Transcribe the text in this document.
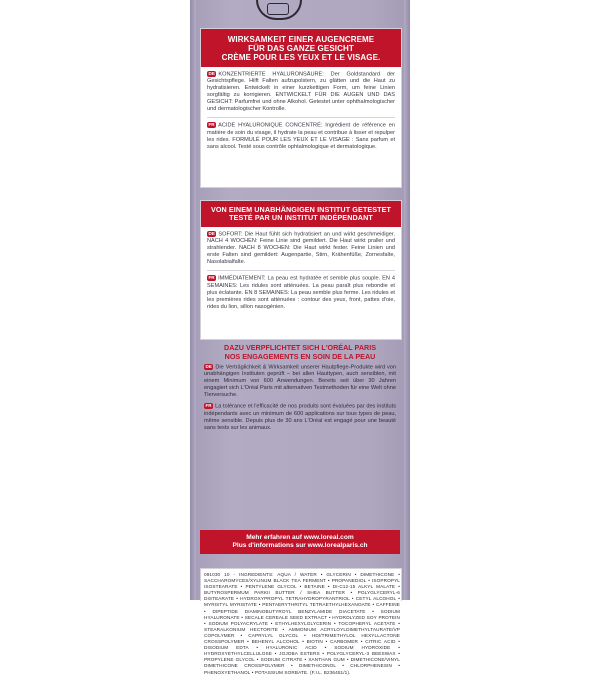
WIRKSAMKEIT EINER AUGENCREME
FÜR DAS GANZE GESICHT
CRÈME POUR LES YEUX ET LE VISAGE.
DE KONZENTRIERTE HYALURONSÄURE: Der Goldstandard der Gesichtspflege. Hilft Falten aufzupolstern, zu glätten und die Haut zu hydratisieren. Entwickelt in einer kurzkettigen Form, um feine Linien sorgfältig zu korrigieren. ENTWICKELT FÜR DIE AUGEN UND DAS GESICHT: Parfumfrei und ohne Alkohol. Getestet unter ophthalmologischer und dermatologischer Kontrolle.
FR ACIDE HYALURONIQUE CONCENTRÉ: Ingrédient de référence en matière de soin du visage, il hydrate la peau et contribue à lisser et repulper les rides. FORMULÉ POUR LES YEUX ET LE VISAGE : Sans parfum et sans alcool. Testé sous contrôle ophtalmologique et dermatologique.
VON EINEM UNABHÄNGIGEN INSTITUT GETESTET
TESTÉ PAR UN INSTITUT INDÉPENDANT
DE SOFORT: Die Haut fühlt sich hydratisiert an und wirkt geschmeidiger. NACH 4 WOCHEN: Feine Linie sind gemildert. Die Haut wirkt praller und strahlender. NACH 8 WOCHEN: Die Haut wirkt fester. Feine Linien und erste Falten sind gemildert: Augenpartie, Stirn, Krähenfüße, Zornesfalte, Nasolabialfalte.
FR IMMÉDIATEMENT: La peau est hydratée et semble plus souple. EN 4 SEMAINES: Les ridules sont atténuées. La peau paraît plus rebondie et plus éclatante. EN 8 SEMAINES: La peau semble plus ferme. Les ridules et les premières rides sont atténuées : contour des yeux, front, pattes d'oie, rides du lion, sillon nasogénien.
DAZU VERPFLICHTET SICH L'ORÉAL PARIS
NOS ENGAGEMENTS EN SOIN DE LA PEAU
DE Die Verträglichkeit & Wirksamkeit unserer Hautpflege-Produkte wird von unabhängigen Instituten geprüft – bei allen Hauttypen, auch sensiblen, mit einem Minimum von 600 Anwendungen. Bereits seit über 30 Jahren engagiert sich L'Oréal Paris mit alternativen Testmethoden für eine Welt ohne Tierversuche.
FR La tolérance et l'efficacité de nos produits sont évaluées par des instituts indépendants avec un minimum de 600 applications sur tous types de peau, même sensible. Depuis plus de 30 ans L'Oréal est engagé pour une beauté sans tests sur les animaux.
Mehr erfahren auf www.loreal.com
Plus d'informations sur www.lorealparis.ch
091030 10 - INGREDIENTS: AQUA / WATER • GLYCERIN • DIMETHICONE • SACCHAROMYCES/XYLINUM BLACK TEA FERMENT • PROPANEDIOL • ISOPROPYL ISOSTEARATE • PENTYLENE GLYCOL • BETAINE • DI-C12-15 ALKYL MALATE • BUTYROSPERMUM PARKII BUTTER / SHEA BUTTER • POLYGLYCERYL-6 DISTEARATE • HYDROXYPROPYL TETRAHYDROPYRANTRIOL • CETYL ALCOHOL • MYRISTYL MYRISTATE • PENTAERYTHRITYL TETRAETHYLHEXANOATE • CAFFEINE • DIPEPTIDE DIAMINOBUTYROYL BENZYLAMIDE DIACETATE • SODIUM HYALURONATE • SECALE CEREALE SEED EXTRACT • HYDROLYZED SOY PROTEIN • SODIUM POLYACRYLATE • ETHYLHEXYLGLYCERIN • TOCOPHERYL ACETATE • STEARALKONIUM HECTORITE • AMMONIUM ACRYLOYLDIMETHYLTAURATE/VP COPOLYMER • CAPRYLYL GLYCOL • HDI/TRIMETHYLOL HEXYLLACTONE CROSSPOLYMER • BEHENYL ALCOHOL • BIOTIN • CARBOMER • CITRIC ACID • DISODIUM EDTA • HYALURONIC ACID • SODIUM HYDROXIDE • HYDROXYETHYLCELLULOSE • JOJOBA ESTERS • POLYGLYCERYL-3 BEESWAX • PROPYLENE GLYCOL • SODIUM CITRATE • XANTHAN GUM • DIMETHICONE/VINYL DIMETHICONE CROSSPOLYMER • DIMETHICONOL • CHLORPHENESIN • PHENOXYETHANOL • POTASSIUM SORBATE. (F.I.L. B236451/1).
